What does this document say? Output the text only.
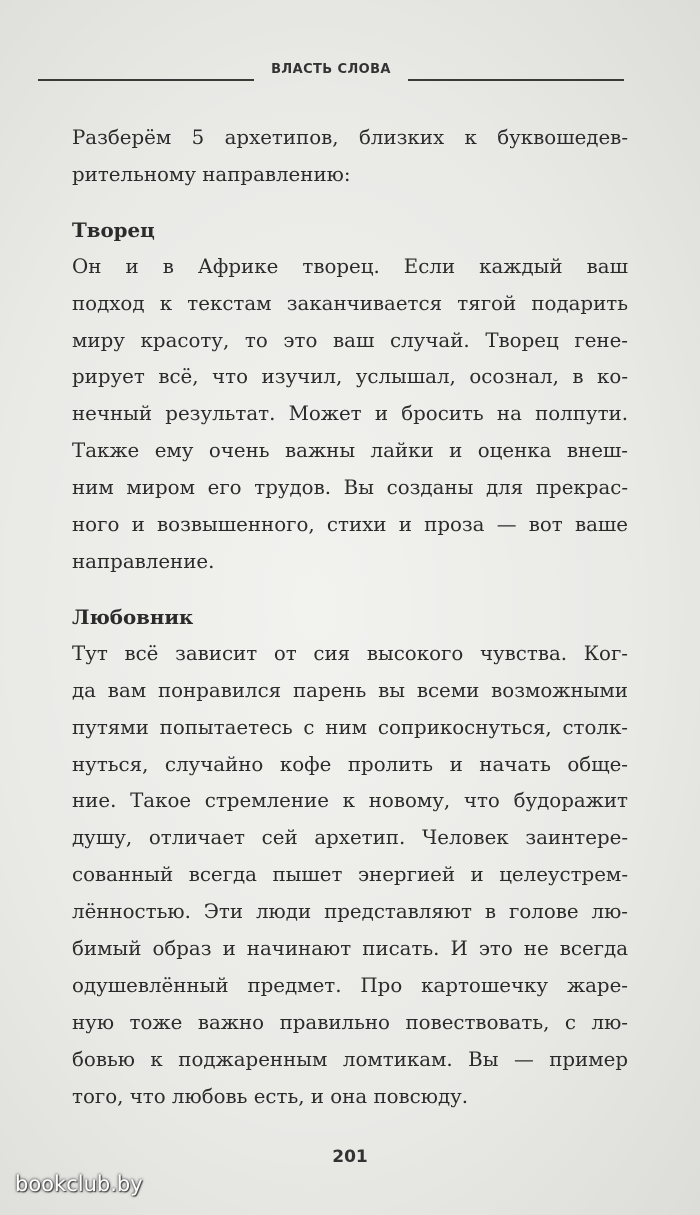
ВЛАСТЬ СЛОВА
Разберём 5 архетипов, близких к буквошедев-
рительному направлению:
Творец
Он и в Африке творец. Если каждый ваш
подход к текстам заканчивается тягой подарить
миру красоту, то это ваш случай. Творец гене-
рирует всё, что изучил, услышал, осознал, в ко-
нечный результат. Может и бросить на полпути.
Также ему очень важны лайки и оценка внеш-
ним миром его трудов. Вы созданы для прекрас-
ного и возвышенного, стихи и проза — вот ваше
направление.
Любовник
Тут всё зависит от сия высокого чувства. Ког-
да вам понравился парень вы всеми возможными
путями попытаетесь с ним соприкоснуться, столк-
нуться, случайно кофе пролить и начать обще-
ние. Такое стремление к новому, что будоражит
душу, отличает сей архетип. Человек заинтере-
сованный всегда пышет энергией и целеустрем-
лённостью. Эти люди представляют в голове лю-
бимый образ и начинают писать. И это не всегда
одушевлённый предмет. Про картошечку жаре-
ную тоже важно правильно повествовать, с лю-
бовью к поджаренным ломтикам. Вы — пример
того, что любовь есть, и она повсюду.
201
bookclub.by
